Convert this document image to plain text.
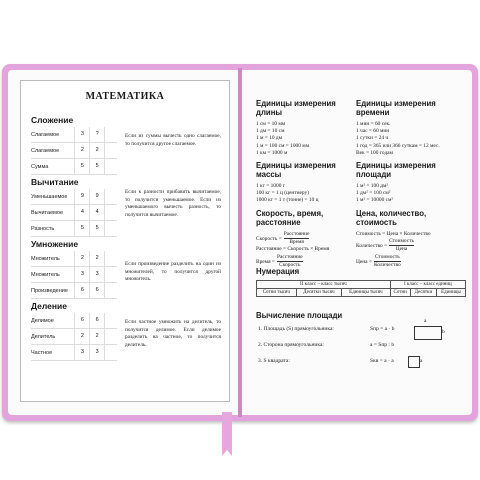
МАТЕМАТИКА
Сложение
Слагаемое	3	?
Слагаемое	2	2
Сумма	5	5
Если из суммы вычесть одно слагаемое, то получится другое слагаемое.
Вычитание
Уменьшаемое	9	9
Вычитаемое	4	4
Разность	5	5
Если к разности прибавить вычитаемое, то получится уменьшаемое. Если из уменьшаемого вычесть разность, то получится вычитаемое.
Умножение
Множитель	2	2
Множитель	3	3
Произведение	6	6
Если произведение разделить на один из множителей, то получится другой множитель.
Деление
Делимое	6	6
Делитель	2	2
Частное	3	3
Если частное умножить на делитель, то получится делимое. Если делимое разделить на частное, то получится делитель.
Единицы измерения длины
1 см = 10 мм
1 дм = 10 см
1 м = 10 дм
1 м = 100 см = 1000 мм
1 км = 1000 м
Единицы измерения времени
1 мин = 60 сек.
1 час = 60 мин
1 сутки = 24 ч
1 год = 365 или 366 суткам = 12 мес.
Век = 100 годам
Единицы измерения массы
1 кг = 1000 г
100 кг = 1 ц (центнеру)
1000 кг = 1 т (тонне) = 10 ц
Единицы измерения площади
1 м² = 100 дм²
1 дм² = 100 см²
1 м² = 10000 см²
Скорость, время, расстояние
Скорость = $\frac{\text{Расстояние}}{\text{Время}}$
Расстояние = Скорость × Время
Время = $\frac{\text{Расстояние}}{\text{Скорость}}$
Цена, количество, стоимость
Стоимость = Цена × Количество
Количество = $\frac{\text{Стоимость}}{\text{Цена}}$
Цена = $\frac{\text{Стоимость}}{\text{Количество}}$
Нумерация
II класс – класс тысяч			I класс – класс единиц		
Сотни тысяч	Десятки тысяч	Единицы тысяч	Сотни	Десятки	Единицы
Вычисление площади
1. Площадь (S) прямоугольника:	Sпр = a · b
2. Сторона прямоугольника:	a = Sпр : b
3. S квадрата:	Sкв = a · a
a
b
a
